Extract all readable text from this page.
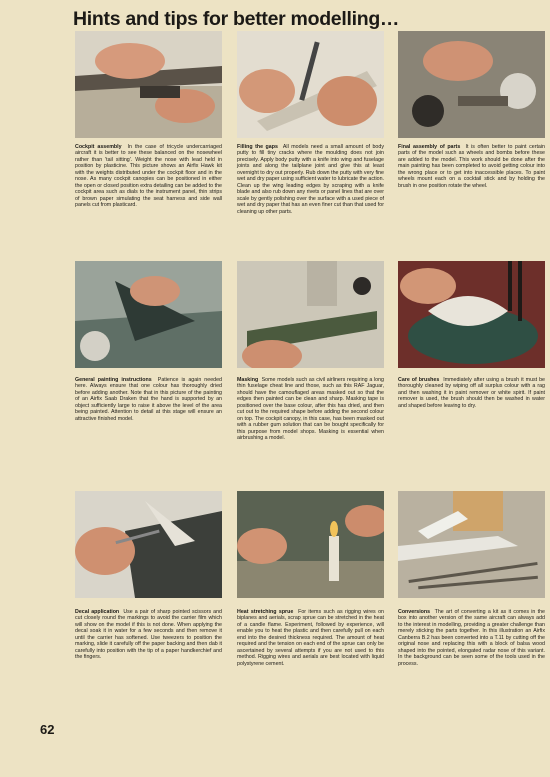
Hints and tips for better modelling…
Cockpit assembly In the case of tricycle undercarriaged aircraft it is better to see these balanced on the nosewheel rather than 'tail sitting'. Weight the nose with lead held in position by plasticine. This picture shows an Airfix Hawk kit with the weights distributed under the cockpit floor and in the nose. As many cockpit canopies can be positioned in either the open or closed position extra detailing can be added to the cockpit area such as dials to the instrument panel, thin strips of brown paper simulating the seat harness and side wall panels cut from plasticard.
Filling the gaps All models need a small amount of body putty to fill tiny cracks where the moulding does not join precisely. Apply body putty with a knife into wing and fuselage joints and along the tailplane joint and give this at least overnight to dry out properly. Rub down the putty with very fine wet and dry paper using sufficient water to lubricate the action. Clean up the wing leading edges by scraping with a knife blade and also rub down any rivets or panel lines that are over scale by gently polishing over the surface with a used piece of wet and dry paper that has an even finer cut than that used for cleaning up other parts.
Final assembly of parts It is often better to paint certain parts of the model such as wheels and bombs before these are added to the model. This work should be done after the main painting has been completed to avoid getting colour into the wrong place or to get into inaccessible places. To paint wheels mount each on a cocktail stick and by holding the brush in one position rotate the wheel.
General painting instructions Patience is again needed here. Always ensure that one colour has thoroughly dried before adding another. Note that in this picture of the painting of an Airfix Saab Draken that the hand is supported by an object sufficiently large to raise it above the level of the area being painted. Attention to detail at this stage will ensure an attractive finished model.
Masking Some models such as civil airliners requiring a long thin fuselage cheat line and those, such as this RAF Jaguar, should have the camouflaged areas masked out so that the edges then painted can be clean and sharp. Masking tape is positioned over the base colour, after this has dried, and then cut out to the required shape before adding the second colour on top. The cockpit canopy, in this case, has been masked out with a rubber gum solution that can be bought specifically for this purpose from model shops. Masking is essential when airbrushing a model.
Care of brushes Immediately after using a brush it must be thoroughly cleaned by wiping off all surplus colour with a rag and then washing it in paint remover or white spirit. If paint remover is used, the brush should then be washed in water and shaped before leaving to dry.
Decal application Use a pair of sharp pointed scissors and cut closely round the markings to avoid the carrier film which will show on the model if this is not done. When applying the decal soak it in water for a few seconds and then remove it until the carrier has softened. Use tweezers to position the marking, slide it carefully off the paper backing and then dab it carefully into position with the tip of a paper handkerchief and the fingers.
Heat stretching sprue For items such as rigging wires on biplanes and aerials, scrap sprue can be stretched in the heat of a candle flame. Experiment, followed by experience, will enable you to heat the plastic and then carefully pull on each end into the desired thickness required. The amount of heat required and the tension on each end of the sprue can only be ascertained by several attempts if you are not used to this method. Rigging wires and aerials are best located with liquid polystyrene cement.
Conversions The art of converting a kit as it comes in the box into another version of the same aircraft can always add to the interest in modelling, providing a greater challenge than merely sticking the parts together. In this illustration an Airfix Canberra B.2 has been converted into a T.11 by cutting off the original nose and replacing this with a block of balsa wood shaped into the pointed, elongated radar nose of this variant. In the background can be seen some of the tools used in the process.
62
